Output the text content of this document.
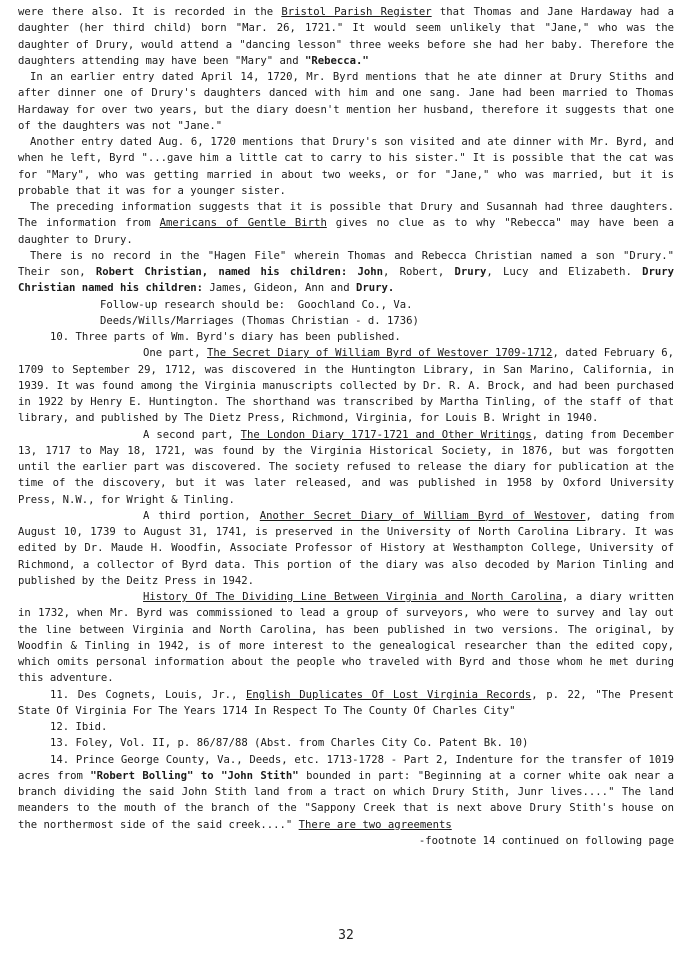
were there also. It is recorded in the Bristol Parish Register that Thomas and Jane Hardaway had a daughter (her third child) born "Mar. 26, 1721." It would seem unlikely that "Jane," who was the daughter of Drury, would attend a "dancing lesson" three weeks before she had her baby. Therefore the daughters attending may have been "Mary" and "Rebecca."

In an earlier entry dated April 14, 1720, Mr. Byrd mentions that he ate dinner at Drury Stiths and after dinner one of Drury's daughters danced with him and one sang. Jane had been married to Thomas Hardaway for over two years, but the diary doesn't mention her husband, therefore it suggests that one of the daughters was not "Jane."

Another entry dated Aug. 6, 1720 mentions that Drury's son visited and ate dinner with Mr. Byrd, and when he left, Byrd "...gave him a little cat to carry to his sister." It is possible that the cat was for "Mary", who was getting married in about two weeks, or for "Jane," who was married, but it is probable that it was for a younger sister.

The preceding information suggests that it is possible that Drury and Susannah had three daughters. The information from Americans of Gentle Birth gives no clue as to why "Rebecca" may have been a daughter to Drury.

There is no record in the "Hagen File" wherein Thomas and Rebecca Christian named a son "Drury." Their son, Robert Christian, named his children: John, Robert, Drury, Lucy and Elizabeth. Drury Christian named his children: James, Gideon, Ann and Drury.

Follow-up research should be:  Goochland Co., Va.
Deeds/Wills/Marriages (Thomas Christian - d. 1736)

10. Three parts of Wm. Byrd's diary has been published.

One part, The Secret Diary of William Byrd of Westover 1709-1712, dated February 6, 1709 to September 29, 1712, was discovered in the Huntington Library, in San Marino, California, in 1939. It was found among the Virginia manuscripts collected by Dr. R. A. Brock, and had been purchased in 1922 by Henry E. Huntington. The shorthand was transcribed by Martha Tinling, of the staff of that library, and published by The Dietz Press, Richmond, Virginia, for Louis B. Wright in 1940.

A second part, The London Diary 1717-1721 and Other Writings, dating from December 13, 1717 to May 18, 1721, was found by the Virginia Historical Society, in 1876, but was forgotten until the earlier part was discovered. The society refused to release the diary for publication at the time of the discovery, but it was later released, and was published in 1958 by Oxford University Press, N.W., for Wright & Tinling.

A third portion, Another Secret Diary of William Byrd of Westover, dating from August 10, 1739 to August 31, 1741, is preserved in the University of North Carolina Library. It was edited by Dr. Maude H. Woodfin, Associate Professor of History at Westhampton College, University of Richmond, a collector of Byrd data. This portion of the diary was also decoded by Marion Tinling and published by the Deitz Press in 1942.

History Of The Dividing Line Between Virginia and North Carolina, a diary written in 1732, when Mr. Byrd was commissioned to lead a group of surveyors, who were to survey and lay out the line between Virginia and North Carolina, has been published in two versions. The original, by Woodfin & Tinling in 1942, is of more interest to the genealogical researcher than the edited copy, which omits personal information about the people who traveled with Byrd and those whom he met during this adventure.

11. Des Cognets, Louis, Jr., English Duplicates Of Lost Virginia Records, p. 22, "The Present State Of Virginia For The Years 1714 In Respect To The County Of Charles City"

12. Ibid.

13. Foley, Vol. II, p. 86/87/88 (Abst. from Charles City Co. Patent Bk. 10)

14. Prince George County, Va., Deeds, etc. 1713-1728 - Part 2, Indenture for the transfer of 1019 acres from "Robert Bolling" to "John Stith" bounded in part: "Beginning at a corner white oak near a branch dividing the said John Stith land from a tract on which Drury Stith, Junr lives...." The land meanders to the mouth of the branch of the "Sappony Creek that is next above Drury Stith's house on the northermost side of the said creek...." There are two agreements

-footnote 14 continued on following page
32
